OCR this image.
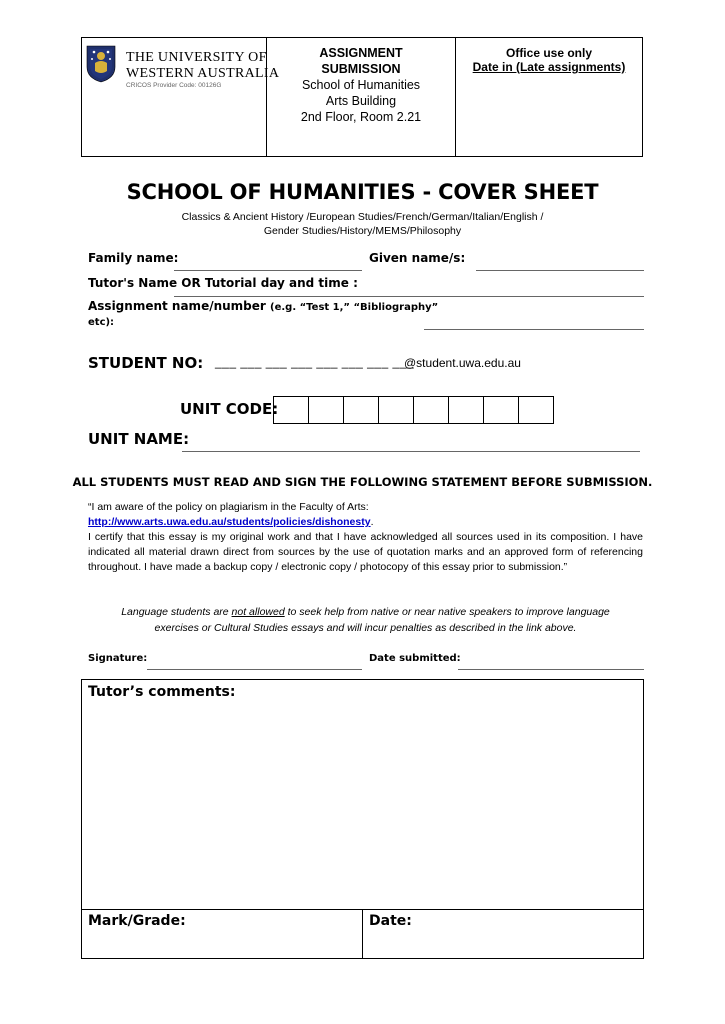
THE UNIVERSITY OF
WESTERN AUSTRALIA
CRICOS Provider Code: 00126G
ASSIGNMENT
SUBMISSION
School of Humanities
Arts Building
2nd Floor, Room 2.21
Office use only
Date in (Late assignments)
SCHOOL OF HUMANITIES - COVER SHEET
Classics & Ancient History /European Studies/French/German/Italian/English /
Gender Studies/History/MEMS/Philosophy
Family name:	Given name/s:
Tutor's Name OR Tutorial day and time :
Assignment name/number (e.g. “Test 1,” “Bibliography”
etc):
STUDENT NO: ___ ___ ___ ___ ___ ___ ___ ___
@student.uwa.edu.au
UNIT CODE:
UNIT NAME:
ALL STUDENTS MUST READ AND SIGN THE FOLLOWING STATEMENT BEFORE SUBMISSION.
“I am aware of the policy on plagiarism in the Faculty of Arts:
http://www.arts.uwa.edu.au/students/policies/dishonesty.
I certify that this essay is my original work and that I have acknowledged all sources used in its composition. I have indicated all material drawn direct from sources by the use of quotation marks and an approved form of referencing throughout. I have made a backup copy / electronic copy / photocopy of this essay prior to submission.”
Language students are not allowed to seek help from native or near native speakers to improve language
exercises or Cultural Studies essays and will incur penalties as described in the link above.
Signature:	Date submitted:
Tutor’s comments:
Mark/Grade:	Date:
